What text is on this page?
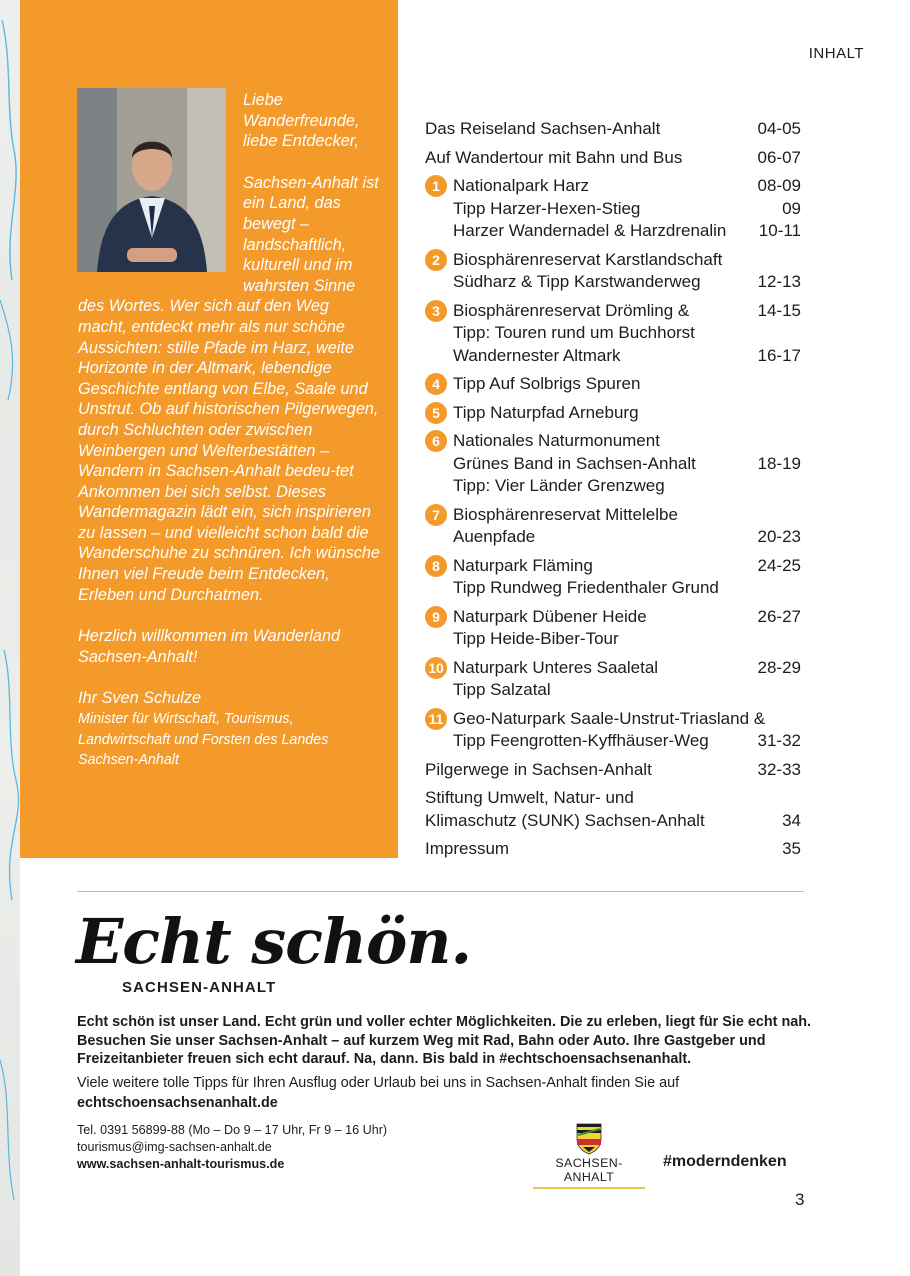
Liebe Wanderfreunde, liebe Entdecker,

Sachsen-Anhalt ist ein Land, das bewegt – landschaftlich, kulturell und im wahrsten Sinne des Wortes. Wer sich auf den Weg macht, entdeckt mehr als nur schöne Aussichten: stille Pfade im Harz, weite Horizonte in der Altmark, lebendige Geschichte entlang von Elbe, Saale und Unstrut. Ob auf historischen Pilgerwegen, durch Schluchten oder zwischen Weinbergen und Welterbestätten – Wandern in Sachsen-Anhalt bedeu-tet Ankommen bei sich selbst. Dieses Wandermagazin lädt ein, sich inspirieren zu lassen – und vielleicht schon bald die Wanderschuhe zu schnüren. Ich wünsche Ihnen viel Freude beim Entdecken, Erleben und Durchatmen.

Herzlich willkommen im Wanderland Sachsen-Anhalt!

Ihr Sven Schulze

Minister für Wirtschaft, Tourismus, Landwirtschaft und Forsten des Landes Sachsen-Anhalt

INHALT
Das Reiseland Sachsen-Anhalt	04-05
Auf Wandertour mit Bahn und Bus	06-07
1 Nationalpark Harz	08-09
Tipp Harzer-Hexen-Stieg	09
Harzer Wandernadel & Harzdrenalin 10-11
2 Biosphärenreservat Karstlandschaft
Südharz & Tipp Karstwanderweg	12-13
3 Biosphärenreservat Drömling &	14-15
Tipp: Touren rund um Buchhorst
Wandernester Altmark	16-17
4 Tipp Auf Solbrigs Spuren
5 Tipp Naturpfad Arneburg
6 Nationales Naturmonument
Grünes Band in Sachsen-Anhalt	18-19
Tipp: Vier Länder Grenzweg
7 Biosphärenreservat Mittelelbe
Auenpfade	20-23
8 Naturpark Fläming	24-25
Tipp Rundweg Friedenthaler Grund
9 Naturpark Dübener Heide	26-27
Tipp Heide-Biber-Tour
10 Naturpark Unteres Saaletal	28-29
Tipp Salzatal
11 Geo-Naturpark Saale-Unstrut-Triasland &
Tipp Feengrotten-Kyffhäuser-Weg	31-32
Pilgerwege in Sachsen-Anhalt	32-33
Stiftung Umwelt, Natur- und
Klimaschutz (SUNK) Sachsen-Anhalt	34
Impressum	35
Echt schön.
SACHSEN-ANHALT
Echt schön ist unser Land. Echt grün und voller echter Möglichkeiten. Die zu erleben, liegt für Sie echt nah. Besuchen Sie unser Sachsen-Anhalt – auf kurzem Weg mit Rad, Bahn oder Auto. Ihre Gastgeber und Freizeitanbieter freuen sich echt darauf. Na, dann. Bis bald in #echtschoensachsenanhalt.
Viele weitere tolle Tipps für Ihren Ausflug oder Urlaub bei uns in Sachsen-Anhalt finden Sie auf
echtschoensachsenanhalt.de
Tel. 0391 56899-88 (Mo – Do 9 – 17 Uhr, Fr 9 – 16 Uhr)
tourismus@img-sachsen-anhalt.de
www.sachsen-anhalt-tourismus.de	SACHSEN-ANHALT
#moderndenken
3
